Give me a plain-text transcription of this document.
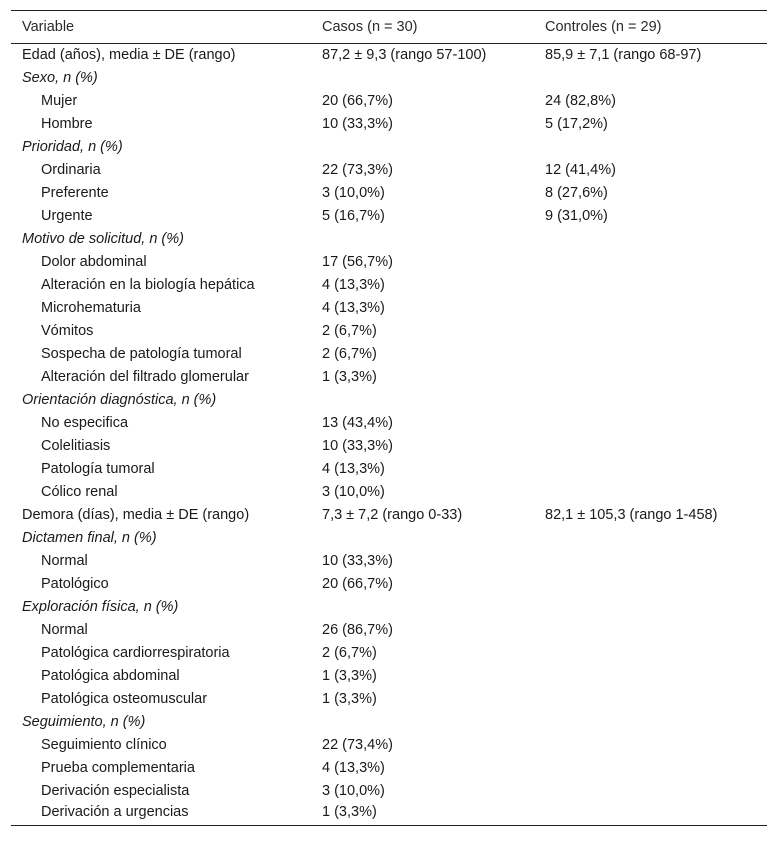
Variable	Casos (n = 30)	Controles (n = 29)
Edad (años), media ± DE (rango)	87,2 ± 9,3 (rango 57-100)	85,9 ± 7,1 (rango 68-97)
Sexo, n (%)		
Mujer	20 (66,7%)	24 (82,8%)
Hombre	10 (33,3%)	5 (17,2%)
Prioridad, n (%)		
Ordinaria	22 (73,3%)	12 (41,4%)
Preferente	3 (10,0%)	8 (27,6%)
Urgente	5 (16,7%)	9 (31,0%)
Motivo de solicitud, n (%)		
Dolor abdominal	17 (56,7%)	
Alteración en la biología hepática	4 (13,3%)	
Microhematuria	4 (13,3%)	
Vómitos	2 (6,7%)	
Sospecha de patología tumoral	2 (6,7%)	
Alteración del filtrado glomerular	1 (3,3%)	
Orientación diagnóstica, n (%)		
No especifica	13 (43,4%)	
Colelitiasis	10 (33,3%)	
Patología tumoral	4 (13,3%)	
Cólico renal	3 (10,0%)	
Demora (días), media ± DE (rango)	7,3 ± 7,2 (rango 0-33)	82,1 ± 105,3 (rango 1-458)
Dictamen final, n (%)		
Normal	10 (33,3%)	
Patológico	20 (66,7%)	
Exploración física, n (%)		
Normal	26 (86,7%)	
Patológica cardiorrespiratoria	2 (6,7%)	
Patológica abdominal	1 (3,3%)	
Patológica osteomuscular	1 (3,3%)	
Seguimiento, n (%)		
Seguimiento clínico	22 (73,4%)	
Prueba complementaria	4 (13,3%)	
Derivación especialista	3 (10,0%)	
Derivación a urgencias	1 (3,3%)	
